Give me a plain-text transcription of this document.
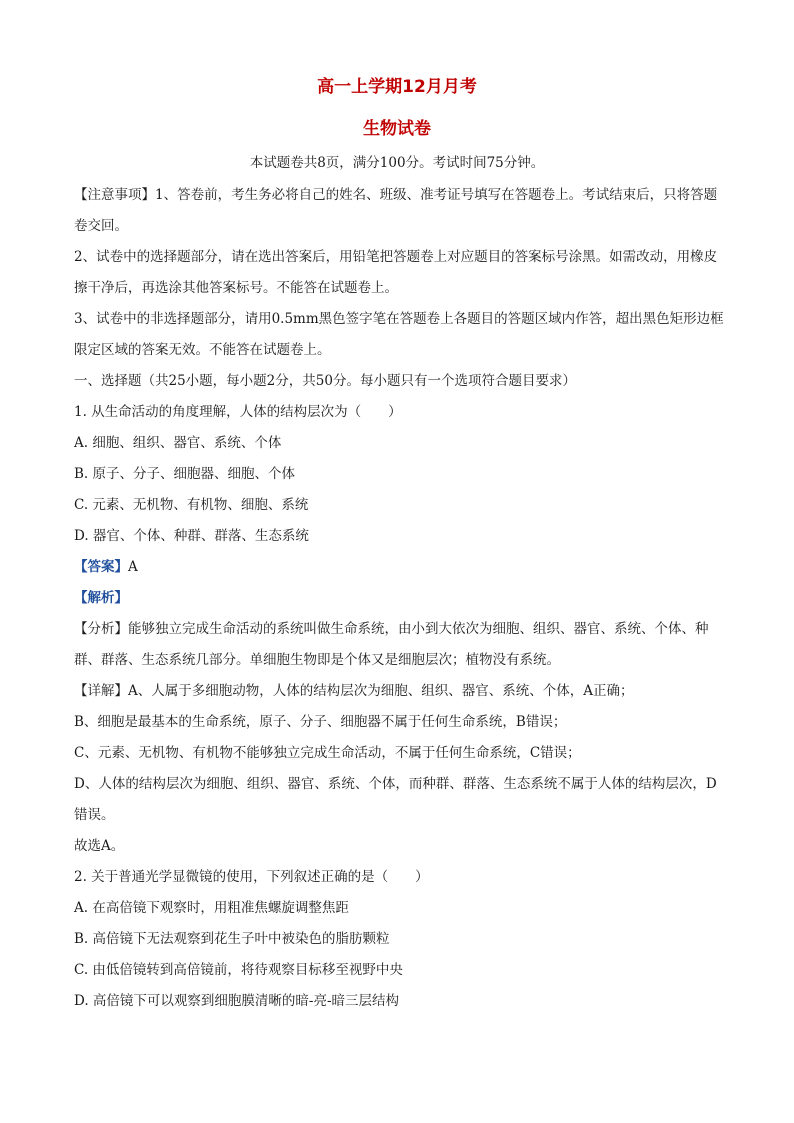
高一上学期12月月考
生物试卷
本试题卷共8页，满分100分。考试时间75分钟。

【注意事项】1、答卷前，考生务必将自己的姓名、班级、准考证号填写在答题卷上。考试结束后，只将答题卷交回。

2、试卷中的选择题部分，请在选出答案后，用铅笔把答题卷上对应题目的答案标号涂黑。如需改动，用橡皮擦干净后，再选涂其他答案标号。不能答在试题卷上。

3、试卷中的非选择题部分，请用0.5mm黑色签字笔在答题卷上各题目的答题区域内作答，超出黑色矩形边框限定区域的答案无效。不能答在试题卷上。

一、选择题（共25小题，每小题2分，共50分。每小题只有一个选项符合题目要求）

1. 从生命活动的角度理解，人体的结构层次为（　　）

A. 细胞、组织、器官、系统、个体

B. 原子、分子、细胞器、细胞、个体

C. 元素、无机物、有机物、细胞、系统

D. 器官、个体、种群、群落、生态系统

【答案】A

【解析】

【分析】能够独立完成生命活动的系统叫做生命系统，由小到大依次为细胞、组织、器官、系统、个体、种群、群落、生态系统几部分。单细胞生物即是个体又是细胞层次；植物没有系统。

【详解】A、人属于多细胞动物，人体的结构层次为细胞、组织、器官、系统、个体，A正确；

B、细胞是最基本的生命系统，原子、分子、细胞器不属于任何生命系统，B错误；

C、元素、无机物、有机物不能够独立完成生命活动，不属于任何生命系统，C错误；

D、人体的结构层次为细胞、组织、器官、系统、个体，而种群、群落、生态系统不属于人体的结构层次，D错误。

故选A。

2. 关于普通光学显微镜的使用，下列叙述正确的是（　　）

A. 在高倍镜下观察时，用粗准焦螺旋调整焦距

B. 高倍镜下无法观察到花生子叶中被染色的脂肪颗粒

C. 由低倍镜转到高倍镜前，将待观察目标移至视野中央

D. 高倍镜下可以观察到细胞膜清晰的暗-亮-暗三层结构
